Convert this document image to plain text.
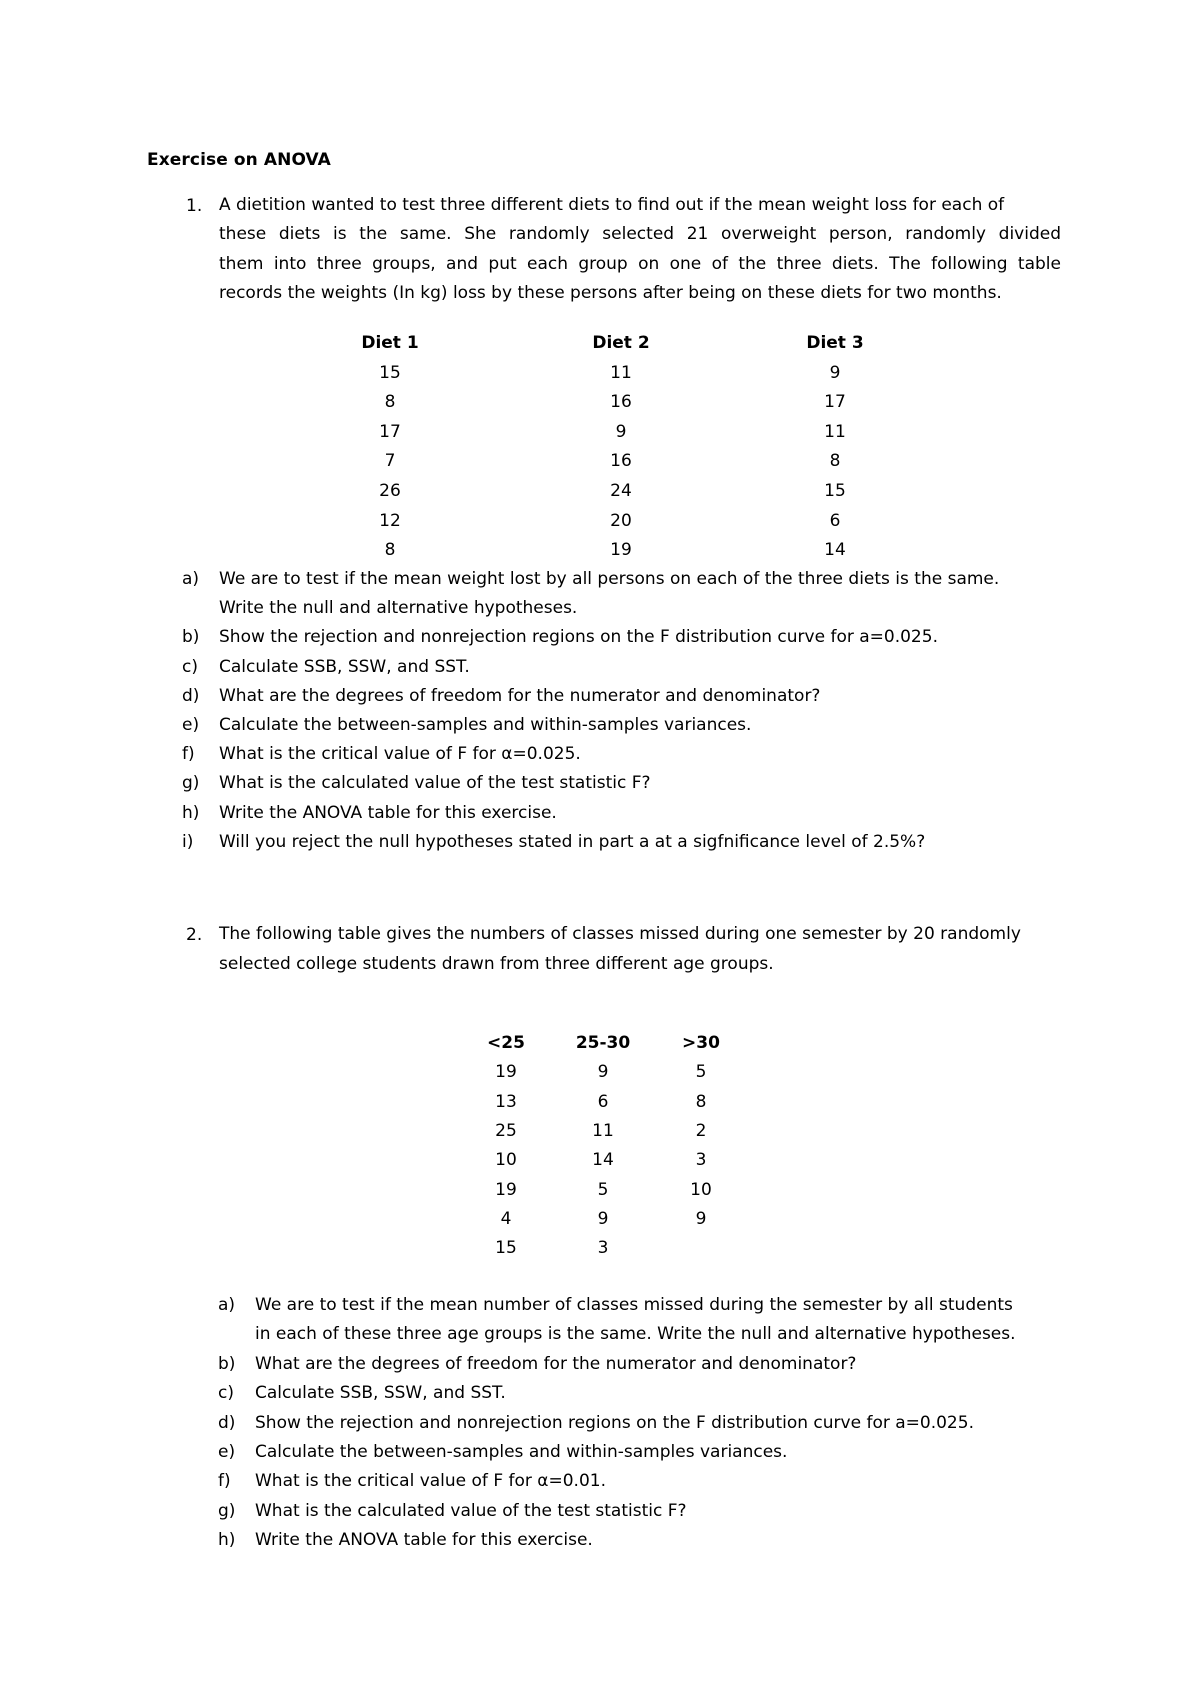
Exercise on ANOVA
1. A dietition wanted to test three different diets to find out if the mean weight loss for each of
these diets is the same. She randomly selected 21 overweight person, randomly divided
them into three groups, and put each group on one of the three diets. The following table
records the weights (In kg) loss by these persons after being on these diets for two months.
Diet 1	Diet 2	Diet 3
15	11	9
8	16	17
17	9	11
7	16	8
26	24	15
12	20	6
8	19	14
a) We are to test if the mean weight lost by all persons on each of the three diets is the same.
Write the null and alternative hypotheses.
b) Show the rejection and nonrejection regions on the F distribution curve for a=0.025.
c) Calculate SSB, SSW, and SST.
d) What are the degrees of freedom for the numerator and denominator?
e) Calculate the between-samples and within-samples variances.
f) What is the critical value of F for α=0.025.
g) What is the calculated value of the test statistic F?
h) Write the ANOVA table for this exercise.
i) Will you reject the null hypotheses stated in part a at a sigfnificance level of 2.5%?
2. The following table gives the numbers of classes missed during one semester by 20 randomly
selected college students drawn from three different age groups.
<25	25-30	>30
19	9	5
13	6	8
25	11	2
10	14	3
19	5	10
4	9	9
15	3
a) We are to test if the mean number of classes missed during the semester by all students
in each of these three age groups is the same. Write the null and alternative hypotheses.
b) What are the degrees of freedom for the numerator and denominator?
c) Calculate SSB, SSW, and SST.
d) Show the rejection and nonrejection regions on the F distribution curve for a=0.025.
e) Calculate the between-samples and within-samples variances.
f) What is the critical value of F for α=0.01.
g) What is the calculated value of the test statistic F?
h) Write the ANOVA table for this exercise.
